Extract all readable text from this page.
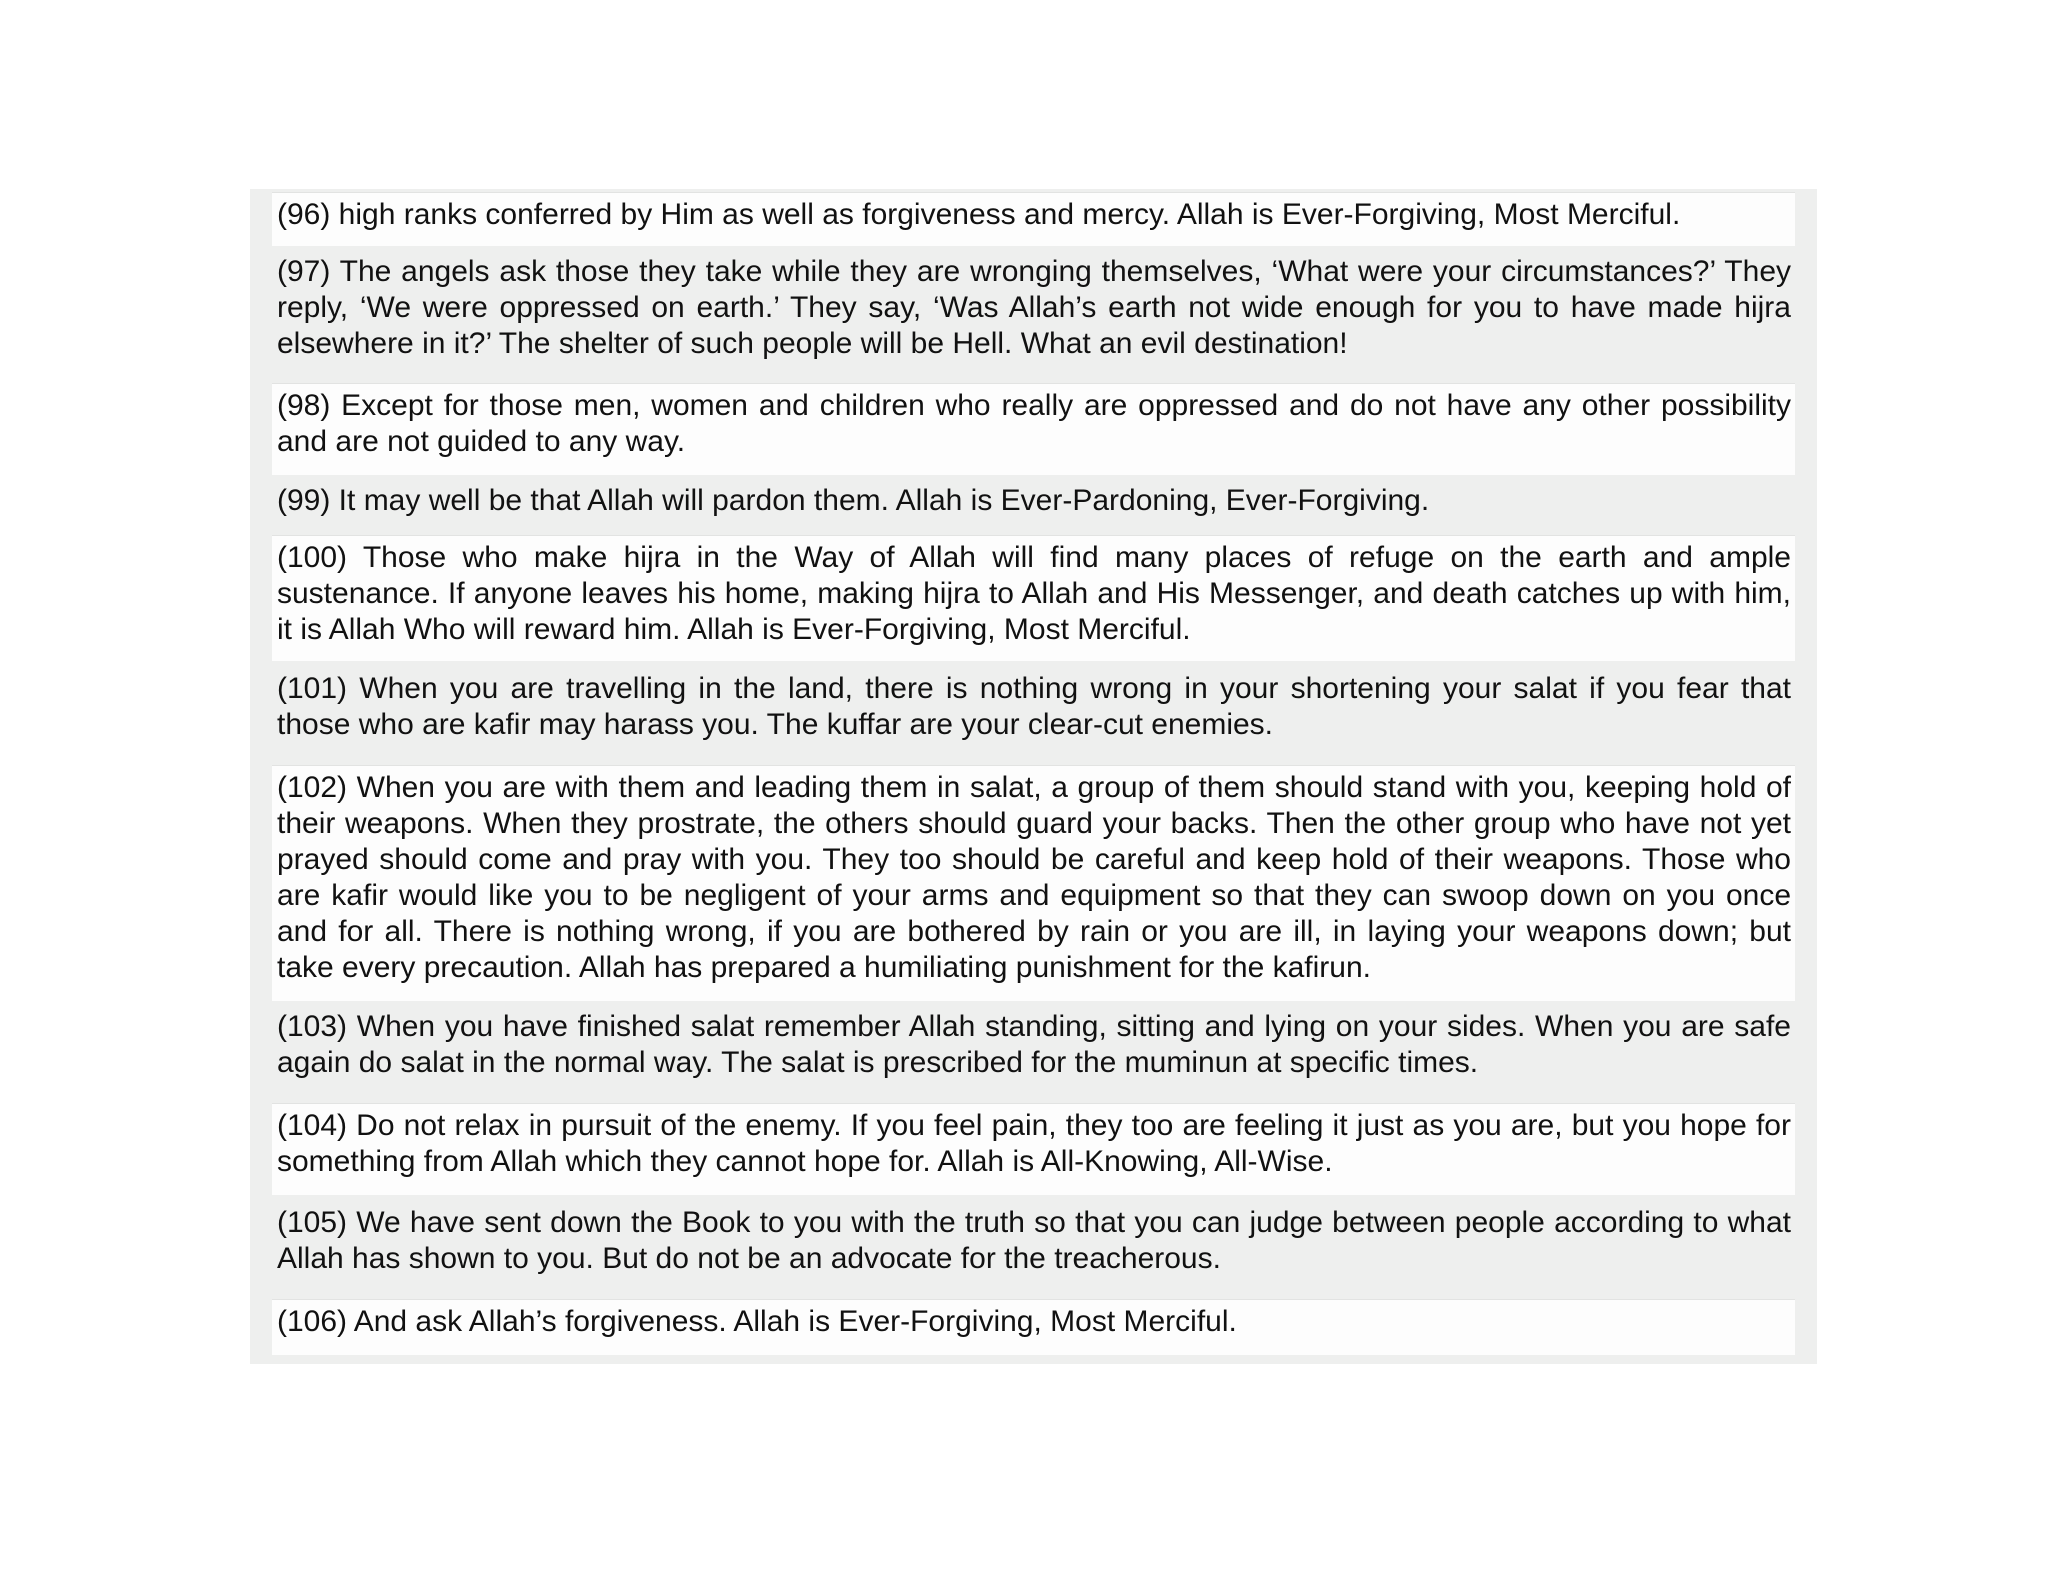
(96) high ranks conferred by Him as well as forgiveness and mercy. Allah is Ever-Forgiving, Most Merciful.
(97) The angels ask those they take while they are wronging themselves, ‘What were your circumstances?’ They reply, ‘We were oppressed on earth.’ They say, ‘Was Allah’s earth not wide enough for you to have made hijra elsewhere in it?’ The shelter of such people will be Hell. What an evil destination!
(98) Except for those men, women and children who really are oppressed and do not have any other possibility and are not guided to any way.
(99) It may well be that Allah will pardon them. Allah is Ever-Pardoning, Ever-Forgiving.
(100) Those who make hijra in the Way of Allah will find many places of refuge on the earth and ample sustenance. If anyone leaves his home, making hijra to Allah and His Messenger, and death catches up with him, it is Allah Who will reward him. Allah is Ever-Forgiving, Most Merciful.
(101) When you are travelling in the land, there is nothing wrong in your shortening your salat if you fear that those who are kafir may harass you. The kuffar are your clear-cut enemies.
(102) When you are with them and leading them in salat, a group of them should stand with you, keeping hold of their weapons. When they prostrate, the others should guard your backs. Then the other group who have not yet prayed should come and pray with you. They too should be careful and keep hold of their weapons. Those who are kafir would like you to be negligent of your arms and equipment so that they can swoop down on you once and for all. There is nothing wrong, if you are bothered by rain or you are ill, in laying your weapons down; but take every precaution. Allah has prepared a humiliating punishment for the kafirun.
(103) When you have finished salat remember Allah standing, sitting and lying on your sides. When you are safe again do salat in the normal way. The salat is prescribed for the muminun at specific times.
(104) Do not relax in pursuit of the enemy. If you feel pain, they too are feeling it just as you are, but you hope for something from Allah which they cannot hope for. Allah is All-Knowing, All-Wise.
(105) We have sent down the Book to you with the truth so that you can judge between people according to what Allah has shown to you. But do not be an advocate for the treacherous.
(106) And ask Allah’s forgiveness. Allah is Ever-Forgiving, Most Merciful.
